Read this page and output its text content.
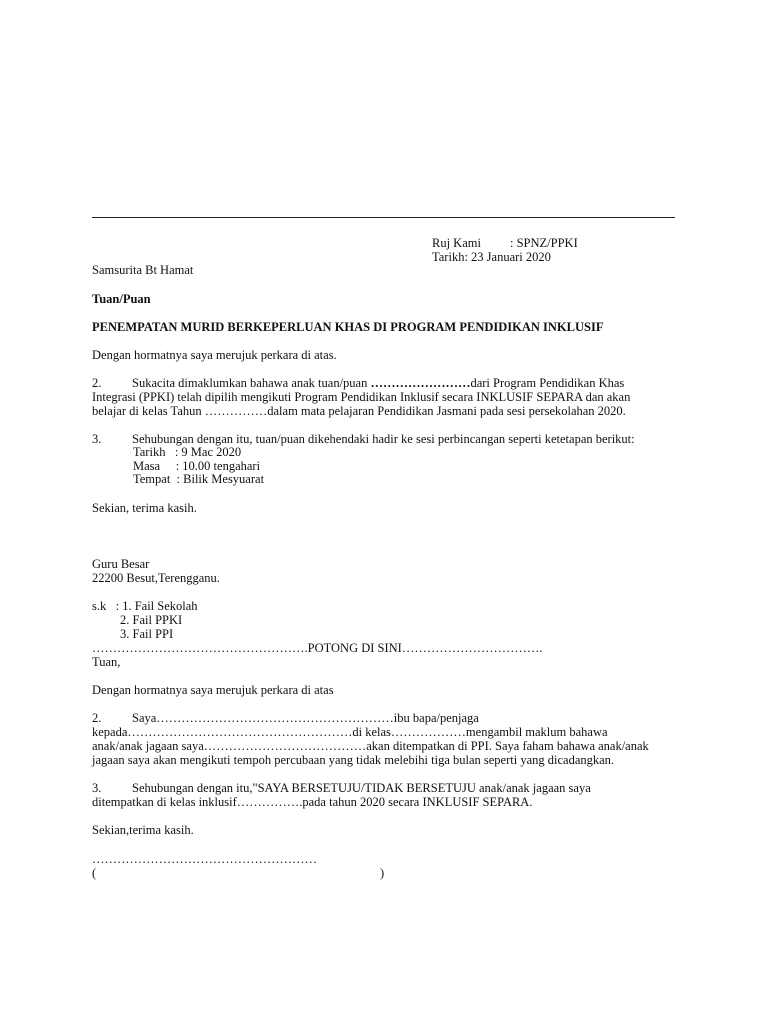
Ruj Kami : SPNZ/PPKI
Tarikh: 23 Januari 2020
Samsurita Bt Hamat
Tuan/Puan
PENEMPATAN MURID BERKEPERLUAN KHAS DI PROGRAM PENDIDIKAN INKLUSIF
Dengan hormatnya saya merujuk perkara di atas.
2. Sukacita dimaklumkan bahawa anak tuan/puan ……………………dari Program Pendidikan Khas
Integrasi (PPKI) telah dipilih mengikuti Program Pendidikan Inklusif secara INKLUSIF SEPARA dan akan
belajar di kelas Tahun ……………dalam mata pelajaran Pendidikan Jasmani pada sesi persekolahan 2020.
3. Sehubungan dengan itu, tuan/puan dikehendaki hadir ke sesi perbincangan seperti ketetapan berikut:
Tarikh   : 9 Mac 2020
Masa     : 10.00 tengahari
Tempat  : Bilik Mesyuarat
Sekian, terima kasih.
Guru Besar
22200 Besut,Terengganu.
s.k   : 1. Fail Sekolah
2. Fail PPKI
3. Fail PPI
…………………………………………….POTONG DI SINI…………………………….
Tuan,
Dengan hormatnya saya merujuk perkara di atas
2. Saya…………………………………………………ibu bapa/penjaga
kepada………………………………………………di kelas………………mengambil maklum bahawa
anak/anak jagaan saya…………………………………akan ditempatkan di PPI. Saya faham bahawa anak/anak
jagaan saya akan mengikuti tempoh percubaan yang tidak melebihi tiga bulan seperti yang dicadangkan.
3. Sehubungan dengan itu,"SAYA BERSETUJU/TIDAK BERSETUJU anak/anak jagaan saya
ditempatkan di kelas inklusif…………….pada tahun 2020 secara INKLUSIF SEPARA.
Sekian,terima kasih.
………………………………………………
(	)
